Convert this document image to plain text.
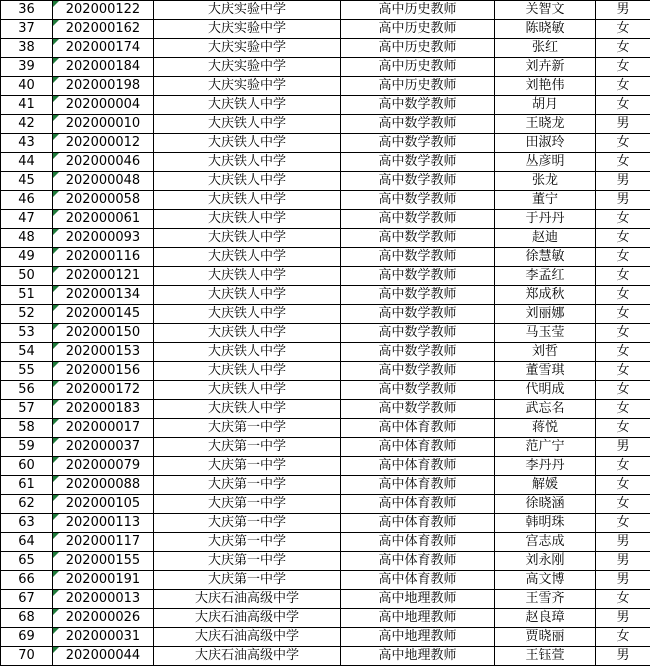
36	202000122	大庆实验中学	高中历史教师	关智文	男
37	202000162	大庆实验中学	高中历史教师	陈晓敏	女
38	202000174	大庆实验中学	高中历史教师	张红	女
39	202000184	大庆实验中学	高中历史教师	刘卉新	女
40	202000198	大庆实验中学	高中历史教师	刘艳伟	女
41	202000004	大庆铁人中学	高中数学教师	胡月	女
42	202000010	大庆铁人中学	高中数学教师	王晓龙	男
43	202000012	大庆铁人中学	高中数学教师	田淑玲	女
44	202000046	大庆铁人中学	高中数学教师	丛彦明	女
45	202000048	大庆铁人中学	高中数学教师	张龙	男
46	202000058	大庆铁人中学	高中数学教师	董宁	男
47	202000061	大庆铁人中学	高中数学教师	于丹丹	女
48	202000093	大庆铁人中学	高中数学教师	赵迪	女
49	202000116	大庆铁人中学	高中数学教师	徐慧敏	女
50	202000121	大庆铁人中学	高中数学教师	李孟红	女
51	202000134	大庆铁人中学	高中数学教师	郑成秋	女
52	202000145	大庆铁人中学	高中数学教师	刘丽娜	女
53	202000150	大庆铁人中学	高中数学教师	马玉莹	女
54	202000153	大庆铁人中学	高中数学教师	刘哲	女
55	202000156	大庆铁人中学	高中数学教师	董雪琪	女
56	202000172	大庆铁人中学	高中数学教师	代明成	女
57	202000183	大庆铁人中学	高中数学教师	武忘名	女
58	202000017	大庆第一中学	高中体育教师	蒋悦	女
59	202000037	大庆第一中学	高中体育教师	范广宁	男
60	202000079	大庆第一中学	高中体育教师	李丹丹	女
61	202000088	大庆第一中学	高中体育教师	解媛	女
62	202000105	大庆第一中学	高中体育教师	徐晓涵	女
63	202000113	大庆第一中学	高中体育教师	韩明珠	女
64	202000117	大庆第一中学	高中体育教师	宫志成	男
65	202000155	大庆第一中学	高中体育教师	刘永刚	男
66	202000191	大庆第一中学	高中体育教师	高文博	男
67	202000013	大庆石油高级中学	高中地理教师	王雪齐	女
68	202000026	大庆石油高级中学	高中地理教师	赵良璋	男
69	202000031	大庆石油高级中学	高中地理教师	贾晓丽	女
70	202000044	大庆石油高级中学	高中地理教师	王钰萱	男
